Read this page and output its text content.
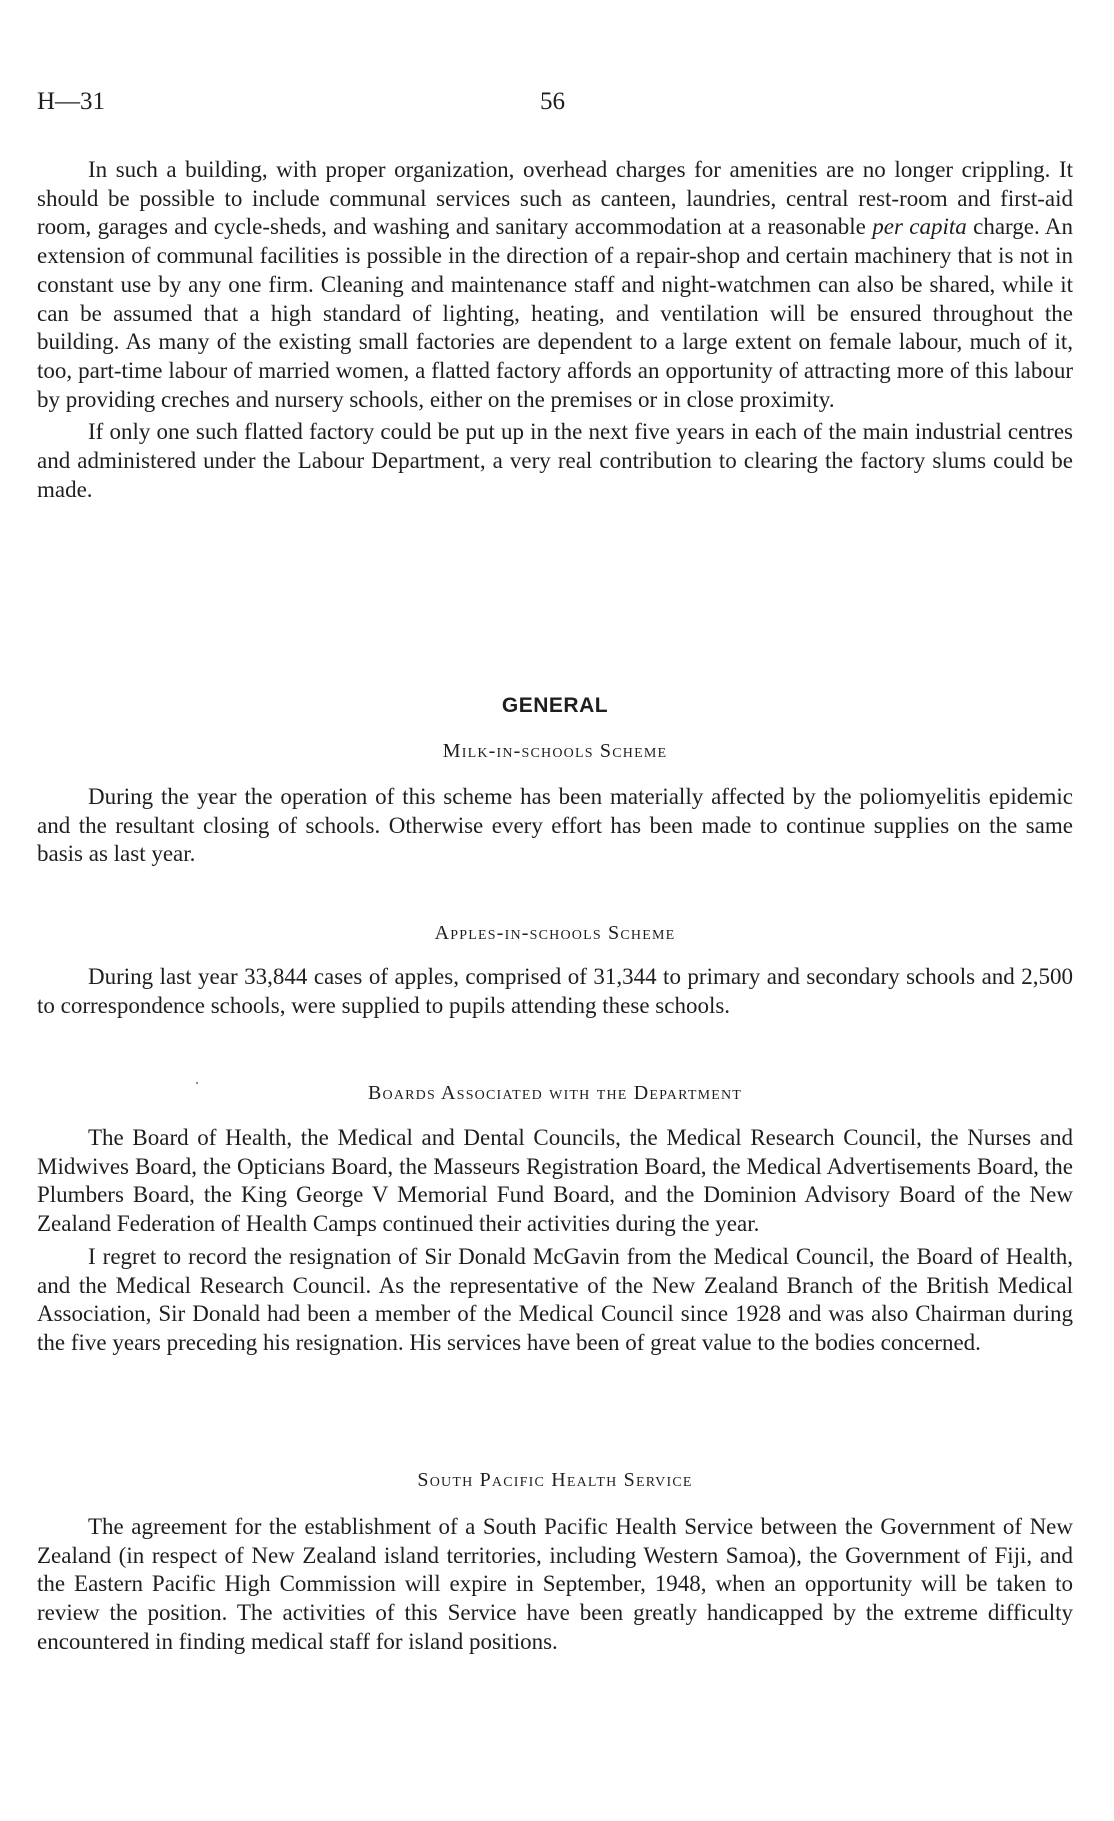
H—31	56

In such a building, with proper organization, overhead charges for amenities are no longer crippling. It should be possible to include communal services such as canteen, laundries, central rest-room and first-aid room, garages and cycle-sheds, and washing and sanitary accommodation at a reasonable per capita charge. An extension of communal facilities is possible in the direction of a repair-shop and certain machinery that is not in constant use by any one firm. Cleaning and maintenance staff and night-watchmen can also be shared, while it can be assumed that a high standard of lighting, heating, and ventilation will be ensured throughout the building. As many of the existing small factories are dependent to a large extent on female labour, much of it, too, part-time labour of married women, a flatted factory affords an opportunity of attracting more of this labour by providing creches and nursery schools, either on the premises or in close proximity.

If only one such flatted factory could be put up in the next five years in each of the main industrial centres and administered under the Labour Department, a very real contribution to clearing the factory slums could be made.

GENERAL
Milk-in-schools Scheme

During the year the operation of this scheme has been materially affected by the poliomyelitis epidemic and the resultant closing of schools. Otherwise every effort has been made to continue supplies on the same basis as last year.

Apples-in-schools Scheme

During last year 33,844 cases of apples, comprised of 31,344 to primary and secondary schools and 2,500 to correspondence schools, were supplied to pupils attending these schools.

Boards Associated with the Department

The Board of Health, the Medical and Dental Councils, the Medical Research Council, the Nurses and Midwives Board, the Opticians Board, the Masseurs Registration Board, the Medical Advertisements Board, the Plumbers Board, the King George V Memorial Fund Board, and the Dominion Advisory Board of the New Zealand Federation of Health Camps continued their activities during the year.

I regret to record the resignation of Sir Donald McGavin from the Medical Council, the Board of Health, and the Medical Research Council. As the representative of the New Zealand Branch of the British Medical Association, Sir Donald had been a member of the Medical Council since 1928 and was also Chairman during the five years preceding his resignation. His services have been of great value to the bodies concerned.

South Pacific Health Service

The agreement for the establishment of a South Pacific Health Service between the Government of New Zealand (in respect of New Zealand island territories, including Western Samoa), the Government of Fiji, and the Eastern Pacific High Commission will expire in September, 1948, when an opportunity will be taken to review the position. The activities of this Service have been greatly handicapped by the extreme difficulty encountered in finding medical staff for island positions.
